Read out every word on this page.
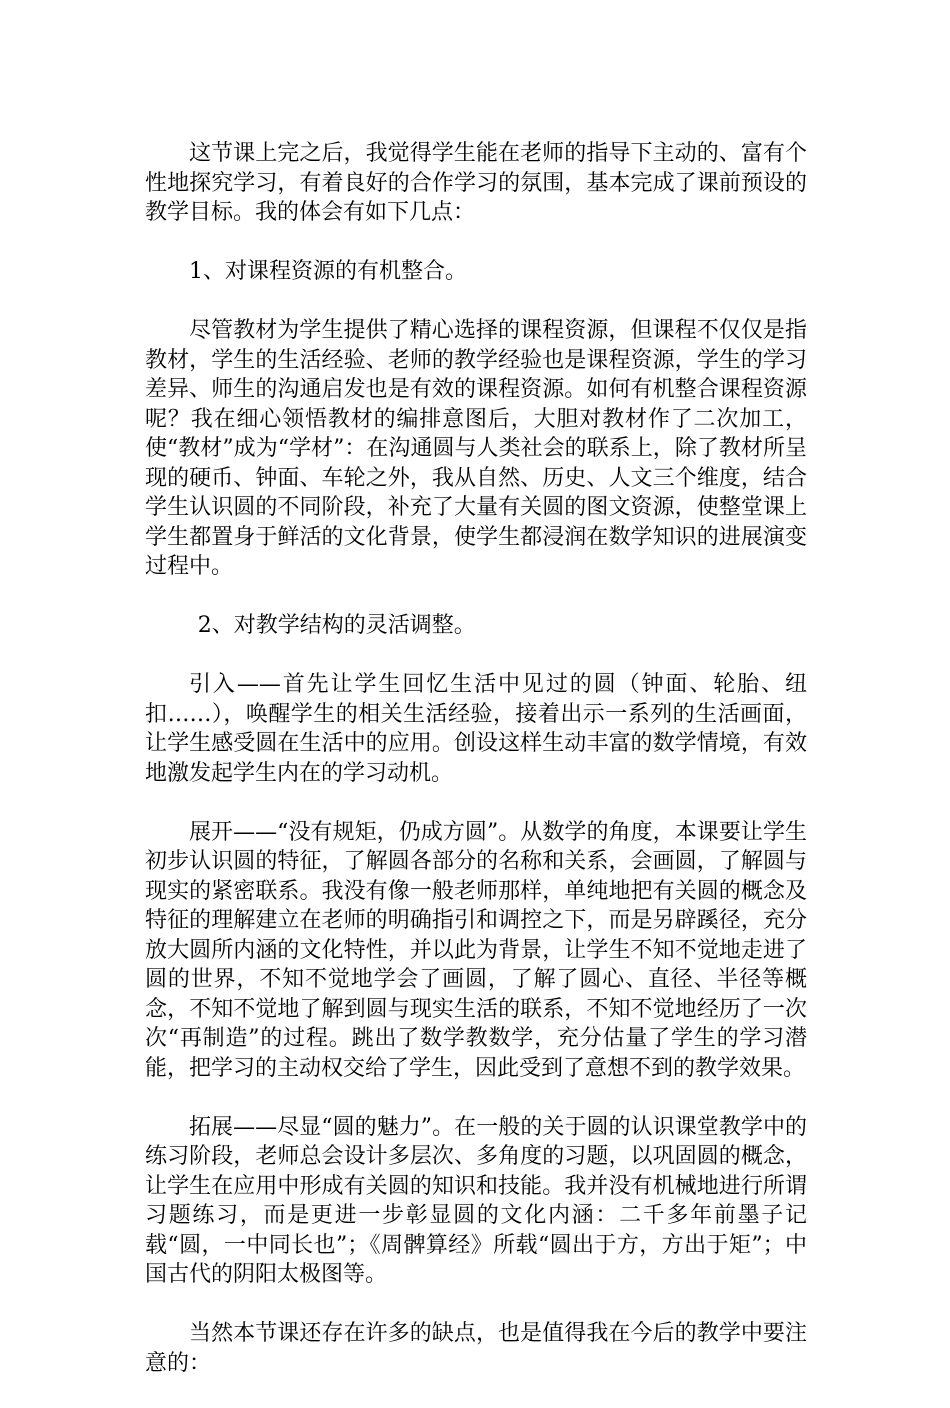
这节课上完之后，我觉得学生能在老师的指导下主动的、富有个性地探究学习，有着良好的合作学习的氛围，基本完成了课前预设的教学目标。我的体会有如下几点：

1、对课程资源的有机整合。

尽管教材为学生提供了精心选择的课程资源，但课程不仅仅是指教材，学生的生活经验、老师的教学经验也是课程资源，学生的学习差异、师生的沟通启发也是有效的课程资源。如何有机整合课程资源呢？我在细心领悟教材的编排意图后，大胆对教材作了二次加工，使“教材”成为“学材”：在沟通圆与人类社会的联系上，除了教材所呈现的硬币、钟面、车轮之外，我从自然、历史、人文三个维度，结合学生认识圆的不同阶段，补充了大量有关圆的图文资源，使整堂课上学生都置身于鲜活的文化背景，使学生都浸润在数学知识的进展演变过程中。

2、对教学结构的灵活调整。

引入——首先让学生回忆生活中见过的圆（钟面、轮胎、纽扣……），唤醒学生的相关生活经验，接着出示一系列的生活画面，让学生感受圆在生活中的应用。创设这样生动丰富的数学情境，有效地激发起学生内在的学习动机。

展开——“没有规矩，仍成方圆”。从数学的角度，本课要让学生初步认识圆的特征，了解圆各部分的名称和关系，会画圆，了解圆与现实的紧密联系。我没有像一般老师那样，单纯地把有关圆的概念及特征的理解建立在老师的明确指引和调控之下，而是另辟蹊径，充分放大圆所内涵的文化特性，并以此为背景，让学生不知不觉地走进了圆的世界，不知不觉地学会了画圆，了解了圆心、直径、半径等概念，不知不觉地了解到圆与现实生活的联系，不知不觉地经历了一次次“再制造”的过程。跳出了数学教数学，充分估量了学生的学习潜能，把学习的主动权交给了学生，因此受到了意想不到的教学效果。

拓展——尽显“圆的魅力”。在一般的关于圆的认识课堂教学中的练习阶段，老师总会设计多层次、多角度的习题，以巩固圆的概念，让学生在应用中形成有关圆的知识和技能。我并没有机械地进行所谓习题练习，而是更进一步彰显圆的文化内涵：二千多年前墨子记载“圆，一中同长也”；《周髀算经》所载“圆出于方，方出于矩”；中国古代的阴阳太极图等。

当然本节课还存在许多的缺点，也是值得我在今后的教学中要注意的：
